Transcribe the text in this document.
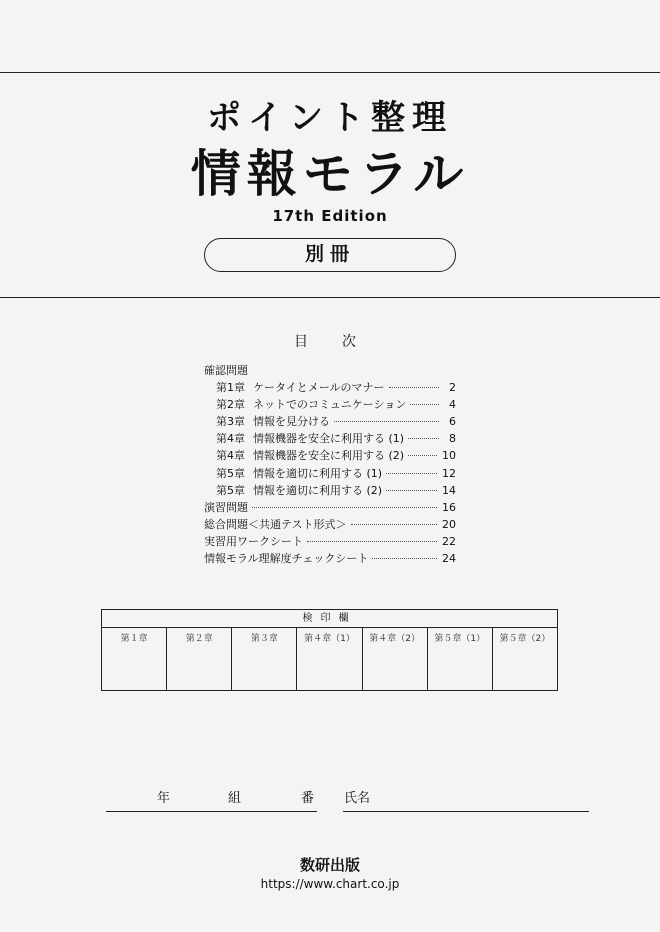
ポイント整理
情報モラル
17th Edition
別冊
目　次
確認問題
第1章 ケータイとメールのマナー	2
第2章 ネットでのコミュニケーション	4
第3章 情報を見分ける	6
第4章 情報機器を安全に利用する (1)	8
第4章 情報機器を安全に利用する (2)	10
第5章 情報を適切に利用する (1)	12
第5章 情報を適切に利用する (2)	14
演習問題	16
総合問題＜共通テスト形式＞	20
実習用ワークシート	22
情報モラル理解度チェックシート	24
検印欄
第１章	第２章	第３章	第４章（1）	第４章（2）	第５章（1）	第５章（2）
年	組	番 氏名
数研出版
https://www.chart.co.jp
